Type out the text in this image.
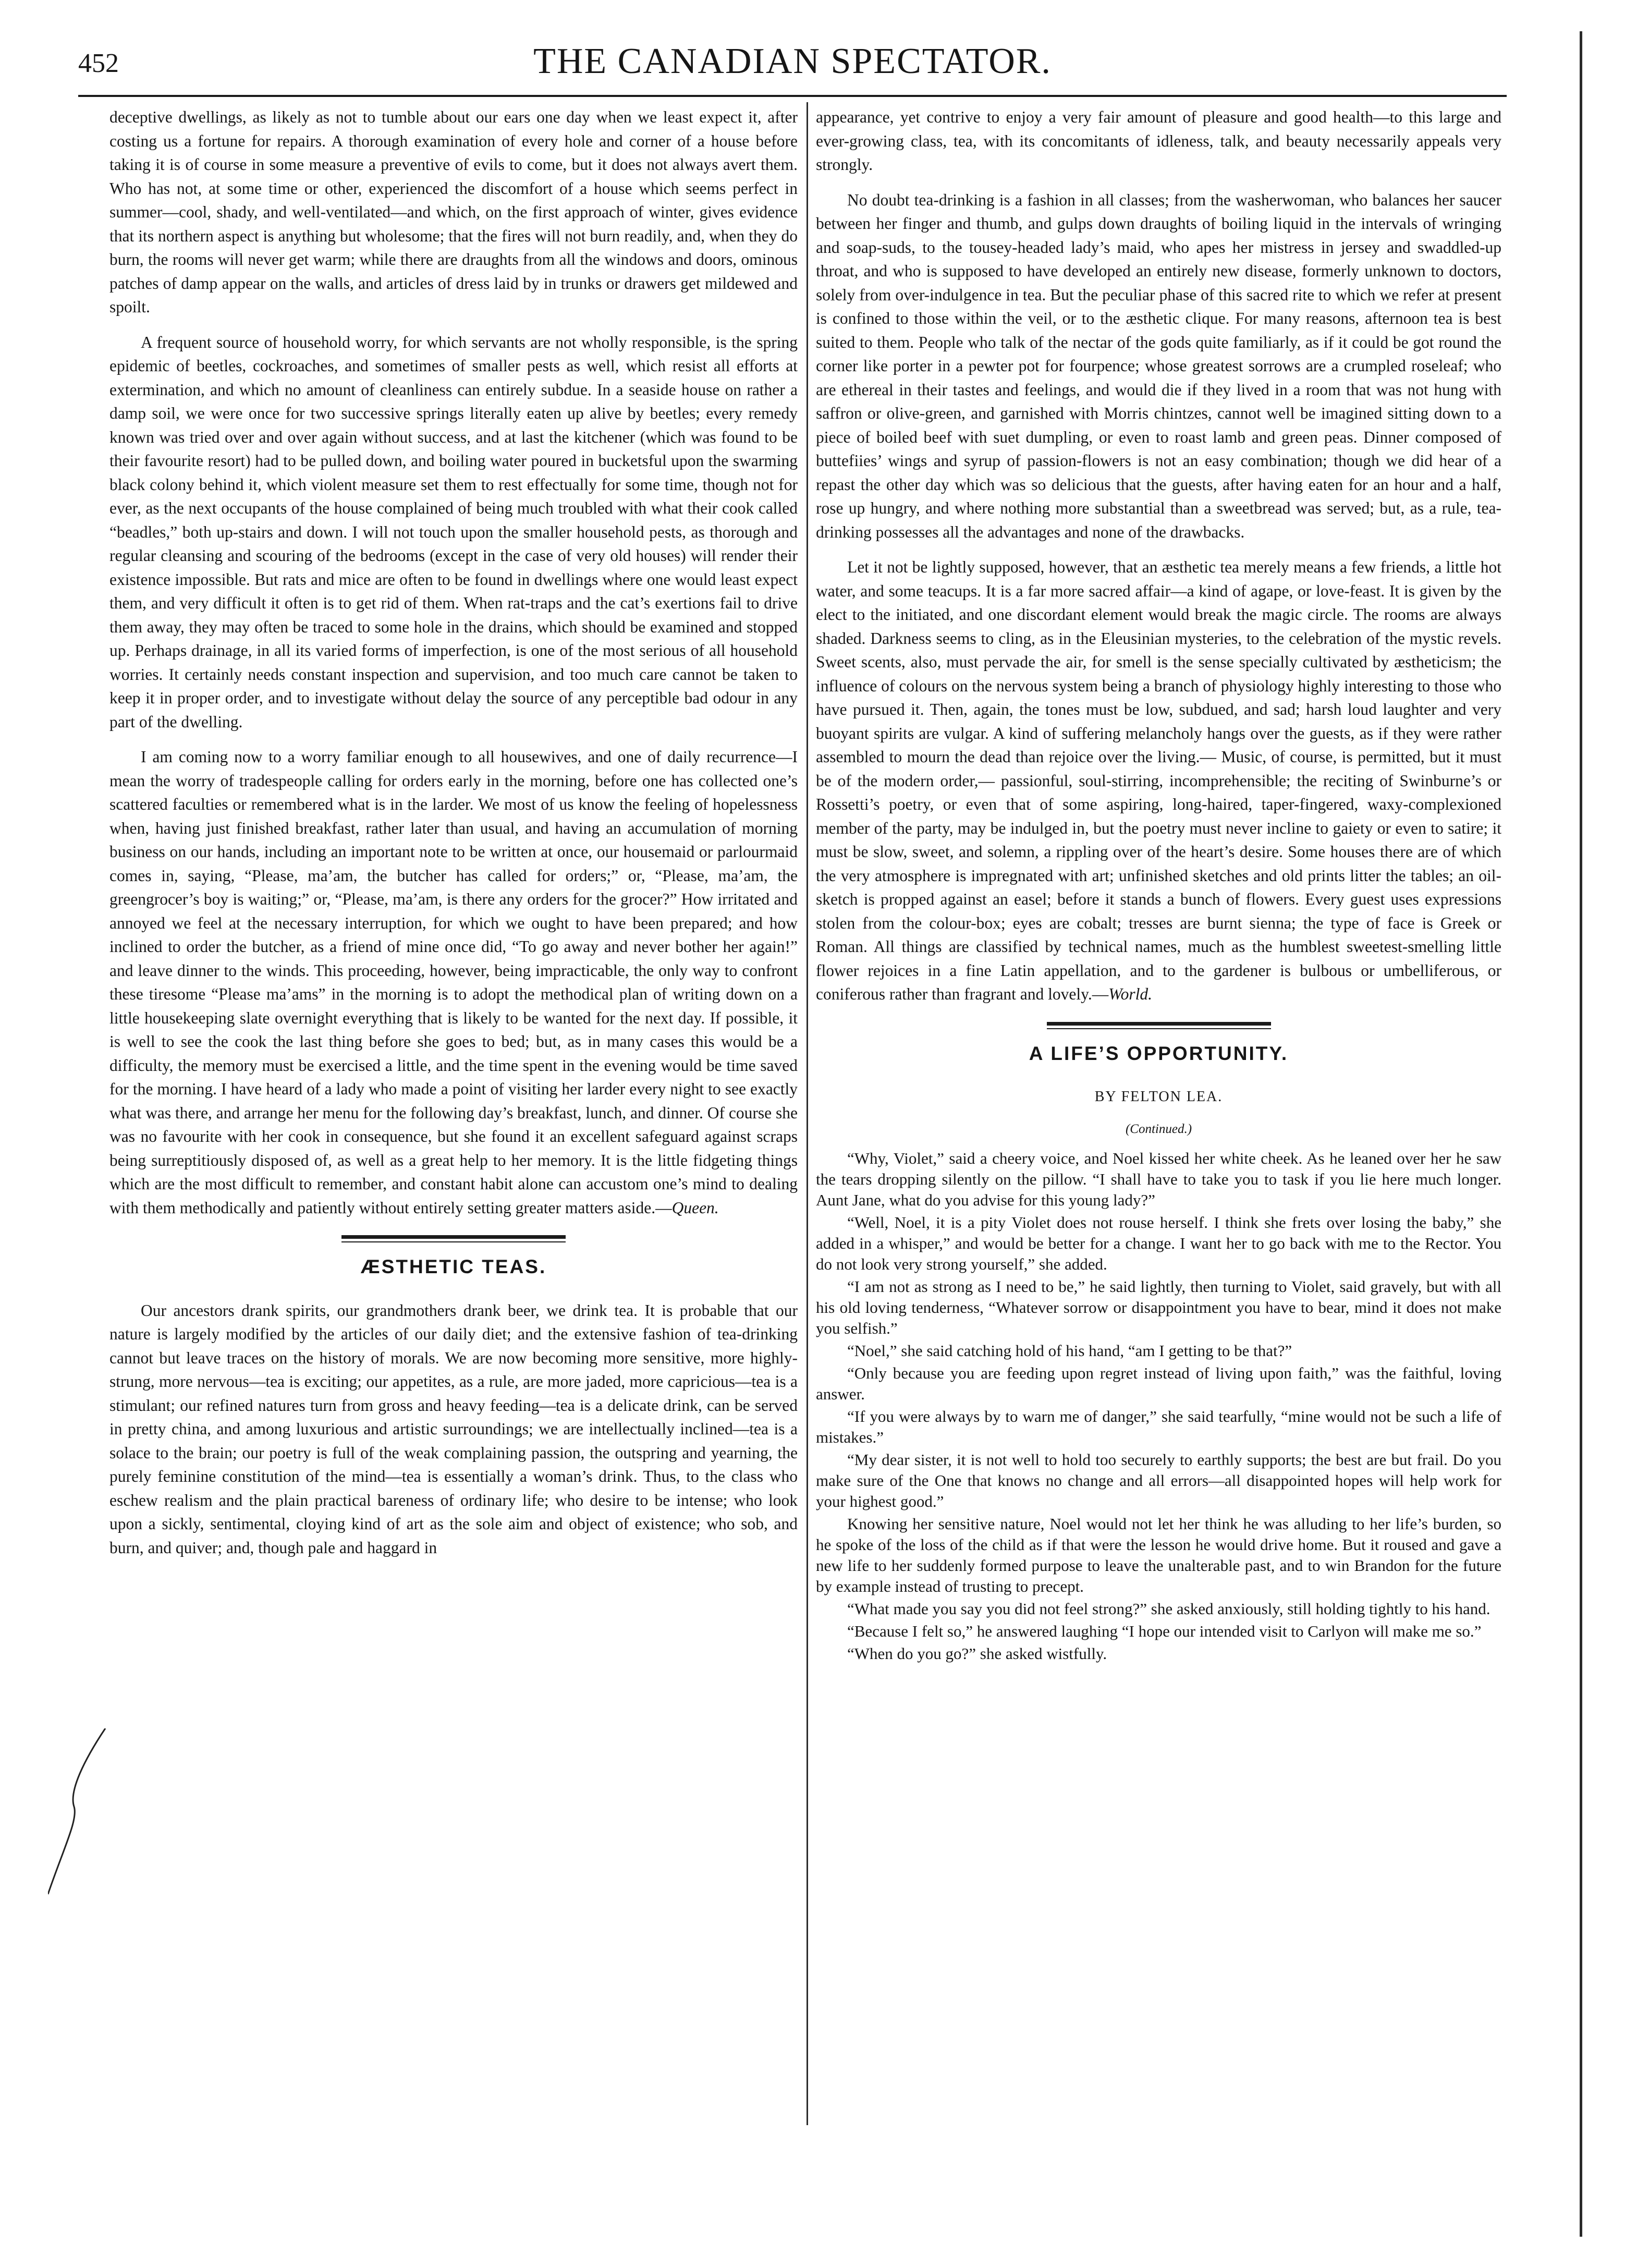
452	THE CANADIAN SPECTATOR.

deceptive dwellings, as likely as not to tumble about our ears one day when we least expect it, after costing us a fortune for repairs. A thorough examination of every hole and corner of a house before taking it is of course in some measure a preventive of evils to come, but it does not always avert them. Who has not, at some time or other, experienced the discomfort of a house which seems perfect in summer—cool, shady, and well-ventilated—and which, on the first approach of winter, gives evidence that its northern aspect is anything but wholesome; that the fires will not burn readily, and, when they do burn, the rooms will never get warm; while there are draughts from all the windows and doors, ominous patches of damp appear on the walls, and articles of dress laid by in trunks or drawers get mildewed and spoilt.

A frequent source of household worry, for which servants are not wholly responsible, is the spring epidemic of beetles, cockroaches, and sometimes of smaller pests as well, which resist all efforts at extermination, and which no amount of cleanliness can entirely subdue. In a seaside house on rather a damp soil, we were once for two successive springs literally eaten up alive by beetles; every remedy known was tried over and over again without success, and at last the kitchener (which was found to be their favourite resort) had to be pulled down, and boiling water poured in bucketsful upon the swarming black colony behind it, which violent measure set them to rest effectually for some time, though not for ever, as the next occupants of the house complained of being much troubled with what their cook called “beadles,” both up-stairs and down. I will not touch upon the smaller household pests, as thorough and regular cleansing and scouring of the bedrooms (except in the case of very old houses) will render their existence impossible. But rats and mice are often to be found in dwellings where one would least expect them, and very difficult it often is to get rid of them. When rat-traps and the cat’s exertions fail to drive them away, they may often be traced to some hole in the drains, which should be examined and stopped up. Perhaps drainage, in all its varied forms of imperfection, is one of the most serious of all household worries. It certainly needs constant inspection and supervision, and too much care cannot be taken to keep it in proper order, and to investigate without delay the source of any perceptible bad odour in any part of the dwelling.

I am coming now to a worry familiar enough to all housewives, and one of daily recurrence—I mean the worry of tradespeople calling for orders early in the morning, before one has collected one’s scattered faculties or remembered what is in the larder. We most of us know the feeling of hopelessness when, having just finished breakfast, rather later than usual, and having an accumulation of morning business on our hands, including an important note to be written at once, our housemaid or parlourmaid comes in, saying, “Please, ma’am, the butcher has called for orders;” or, “Please, ma’am, the greengrocer’s boy is waiting;” or, “Please, ma’am, is there any orders for the grocer?” How irritated and annoyed we feel at the necessary interruption, for which we ought to have been prepared; and how inclined to order the butcher, as a friend of mine once did, “To go away and never bother her again!” and leave dinner to the winds. This proceeding, however, being impracticable, the only way to confront these tiresome “Please ma’ams” in the morning is to adopt the methodical plan of writing down on a little housekeeping slate overnight everything that is likely to be wanted for the next day. If possible, it is well to see the cook the last thing before she goes to bed; but, as in many cases this would be a difficulty, the memory must be exercised a little, and the time spent in the evening would be time saved for the morning. I have heard of a lady who made a point of visiting her larder every night to see exactly what was there, and arrange her menu for the following day’s breakfast, lunch, and dinner. Of course she was no favourite with her cook in consequence, but she found it an excellent safeguard against scraps being surreptitiously disposed of, as well as a great help to her memory. It is the little fidgeting things which are the most difficult to remember, and constant habit alone can accustom one’s mind to dealing with them methodically and patiently without entirely setting greater matters aside.—Queen.

ÆSTHETIC TEAS.

Our ancestors drank spirits, our grandmothers drank beer, we drink tea. It is probable that our nature is largely modified by the articles of our daily diet; and the extensive fashion of tea-drinking cannot but leave traces on the history of morals. We are now becoming more sensitive, more highly-strung, more nervous—tea is exciting; our appetites, as a rule, are more jaded, more capricious—tea is a stimulant; our refined natures turn from gross and heavy feeding—tea is a delicate drink, can be served in pretty china, and among luxurious and artistic surroundings; we are intellectually inclined—tea is a solace to the brain; our poetry is full of the weak complaining passion, the outspring and yearning, the purely feminine constitution of the mind—tea is essentially a woman’s drink. Thus, to the class who eschew realism and the plain practical bareness of ordinary life; who desire to be intense; who look upon a sickly, sentimental, cloying kind of art as the sole aim and object of existence; who sob, and burn, and quiver; and, though pale and haggard in

appearance, yet contrive to enjoy a very fair amount of pleasure and good health—to this large and ever-growing class, tea, with its concomitants of idleness, talk, and beauty necessarily appeals very strongly.

No doubt tea-drinking is a fashion in all classes; from the washerwoman, who balances her saucer between her finger and thumb, and gulps down draughts of boiling liquid in the intervals of wringing and soap-suds, to the tousey-headed lady’s maid, who apes her mistress in jersey and swaddled-up throat, and who is supposed to have developed an entirely new disease, formerly unknown to doctors, solely from over-indulgence in tea. But the peculiar phase of this sacred rite to which we refer at present is confined to those within the veil, or to the æsthetic clique. For many reasons, afternoon tea is best suited to them. People who talk of the nectar of the gods quite familiarly, as if it could be got round the corner like porter in a pewter pot for fourpence; whose greatest sorrows are a crumpled roseleaf; who are ethereal in their tastes and feelings, and would die if they lived in a room that was not hung with saffron or olive-green, and garnished with Morris chintzes, cannot well be imagined sitting down to a piece of boiled beef with suet dumpling, or even to roast lamb and green peas. Dinner composed of buttefiies’ wings and syrup of passion-flowers is not an easy combination; though we did hear of a repast the other day which was so delicious that the guests, after having eaten for an hour and a half, rose up hungry, and where nothing more substantial than a sweetbread was served; but, as a rule, tea-drinking possesses all the advantages and none of the drawbacks.

Let it not be lightly supposed, however, that an æsthetic tea merely means a few friends, a little hot water, and some teacups. It is a far more sacred affair—a kind of agape, or love-feast. It is given by the elect to the initiated, and one discordant element would break the magic circle. The rooms are always shaded. Darkness seems to cling, as in the Eleusinian mysteries, to the celebration of the mystic revels. Sweet scents, also, must pervade the air, for smell is the sense specially cultivated by æstheticism; the influence of colours on the nervous system being a branch of physiology highly interesting to those who have pursued it. Then, again, the tones must be low, subdued, and sad; harsh loud laughter and very buoyant spirits are vulgar. A kind of suffering melancholy hangs over the guests, as if they were rather assembled to mourn the dead than rejoice over the living.— Music, of course, is permitted, but it must be of the modern order,— passionful, soul-stirring, incomprehensible; the reciting of Swinburne’s or Rossetti’s poetry, or even that of some aspiring, long-haired, taper-fingered, waxy-complexioned member of the party, may be indulged in, but the poetry must never incline to gaiety or even to satire; it must be slow, sweet, and solemn, a rippling over of the heart’s desire. Some houses there are of which the very atmosphere is impregnated with art; unfinished sketches and old prints litter the tables; an oil-sketch is propped against an easel; before it stands a bunch of flowers. Every guest uses expressions stolen from the colour-box; eyes are cobalt; tresses are burnt sienna; the type of face is Greek or Roman. All things are classified by technical names, much as the humblest sweetest-smelling little flower rejoices in a fine Latin appellation, and to the gardener is bulbous or umbelliferous, or coniferous rather than fragrant and lovely.—World.

A LIFE’S OPPORTUNITY.
BY FELTON LEA.
(Continued.)

“Why, Violet,” said a cheery voice, and Noel kissed her white cheek. As he leaned over her he saw the tears dropping silently on the pillow. “I shall have to take you to task if you lie here much longer. Aunt Jane, what do you advise for this young lady?”

“Well, Noel, it is a pity Violet does not rouse herself. I think she frets over losing the baby,” she added in a whisper,” and would be better for a change. I want her to go back with me to the Rector. You do not look very strong yourself,” she added.

“I am not as strong as I need to be,” he said lightly, then turning to Violet, said gravely, but with all his old loving tenderness, “Whatever sorrow or disappointment you have to bear, mind it does not make you selfish.”

“Noel,” she said catching hold of his hand, “am I getting to be that?”

“Only because you are feeding upon regret instead of living upon faith,” was the faithful, loving answer.

“If you were always by to warn me of danger,” she said tearfully, “mine would not be such a life of mistakes.”

“My dear sister, it is not well to hold too securely to earthly supports; the best are but frail. Do you make sure of the One that knows no change and all errors—all disappointed hopes will help work for your highest good.”

Knowing her sensitive nature, Noel would not let her think he was alluding to her life’s burden, so he spoke of the loss of the child as if that were the lesson he would drive home. But it roused and gave a new life to her suddenly formed purpose to leave the unalterable past, and to win Brandon for the future by example instead of trusting to precept.

“What made you say you did not feel strong?” she asked anxiously, still holding tightly to his hand.

“Because I felt so,” he answered laughing “I hope our intended visit to Carlyon will make me so.”

“When do you go?” she asked wistfully.
